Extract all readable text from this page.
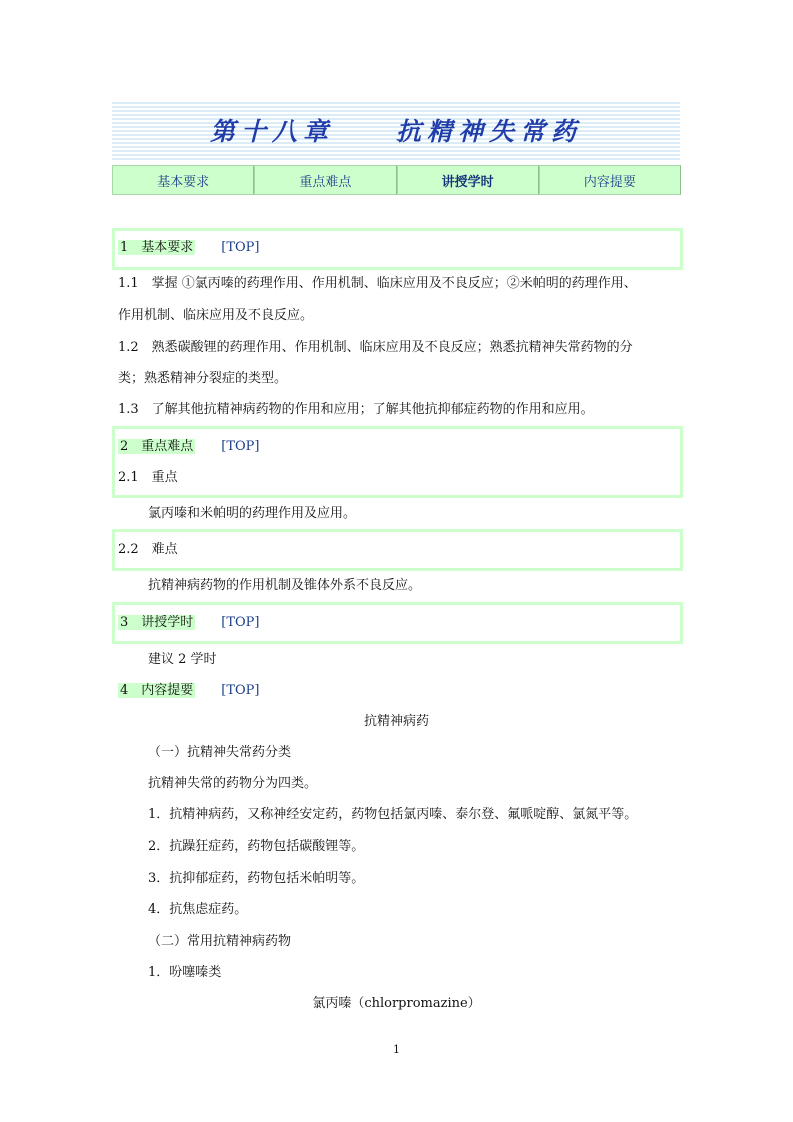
第十八章　　抗精神失常药
基本要求	重点难点	讲授学时	内容提要
1　基本要求 [TOP]
1.1　掌握 ①氯丙嗪的药理作用、作用机制、临床应用及不良反应；②米帕明的药理作用、
作用机制、临床应用及不良反应。
1.2　熟悉碳酸锂的药理作用、作用机制、临床应用及不良反应；熟悉抗精神失常药物的分
类；熟悉精神分裂症的类型。
1.3　了解其他抗精神病药物的作用和应用；了解其他抗抑郁症药物的作用和应用。
2　重点难点 [TOP]
2.1　重点
氯丙嗪和米帕明的药理作用及应用。
2.2　难点
抗精神病药物的作用机制及锥体外系不良反应。
3　讲授学时 [TOP]
建议 2 学时
4　内容提要 [TOP]
抗精神病药
（一）抗精神失常药分类
抗精神失常的药物分为四类。
1．抗精神病药，又称神经安定药，药物包括氯丙嗪、泰尔登、氟哌啶醇、氯氮平等。
2．抗躁狂症药，药物包括碳酸锂等。
3．抗抑郁症药，药物包括米帕明等。
4．抗焦虑症药。
（二）常用抗精神病药物
1．吩噻嗪类
氯丙嗪（chlorpromazine）
1
